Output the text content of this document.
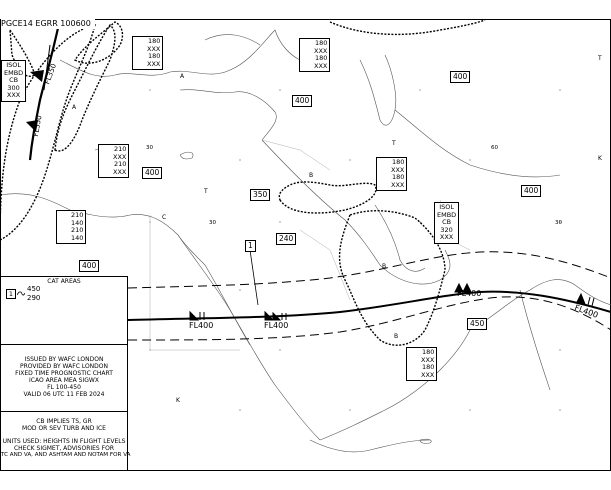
PGCE14 EGRR 100600
ISOL
EMBD
CB
300
XXX
ISOL
EMBD
CB
320
XXX
180
XXX
180
XXX
180
XXX
180
XXX
210
XXX
210
XXX
180
XXX
180
XXX
210
140
210
140
180
XXX
180
XXX
400
400
400
400
350
400
450
240
1
FL400	FL400
FL400
FL400
FL350
FL350
30
30
60
30
B
C
T
T
T
K
B
A
A
K
B
CAT AREAS
1
450
290
ISSUED BY WAFC LONDON
PROVIDED BY WAFC LONDON
FIXED TIME PROGNOSTIC CHART
ICAO AREA MEA SIGWX
FL 100-450
VALID 06 UTC 11 FEB 2024
CB IMPLIES TS, GR
MOD OR SEV TURB AND ICE
UNITS USED: HEIGHTS IN FLIGHT LEVELS
CHECK SIGMET, ADVISORIES FOR
TC AND VA, AND ASHTAM AND NOTAM FOR VA
